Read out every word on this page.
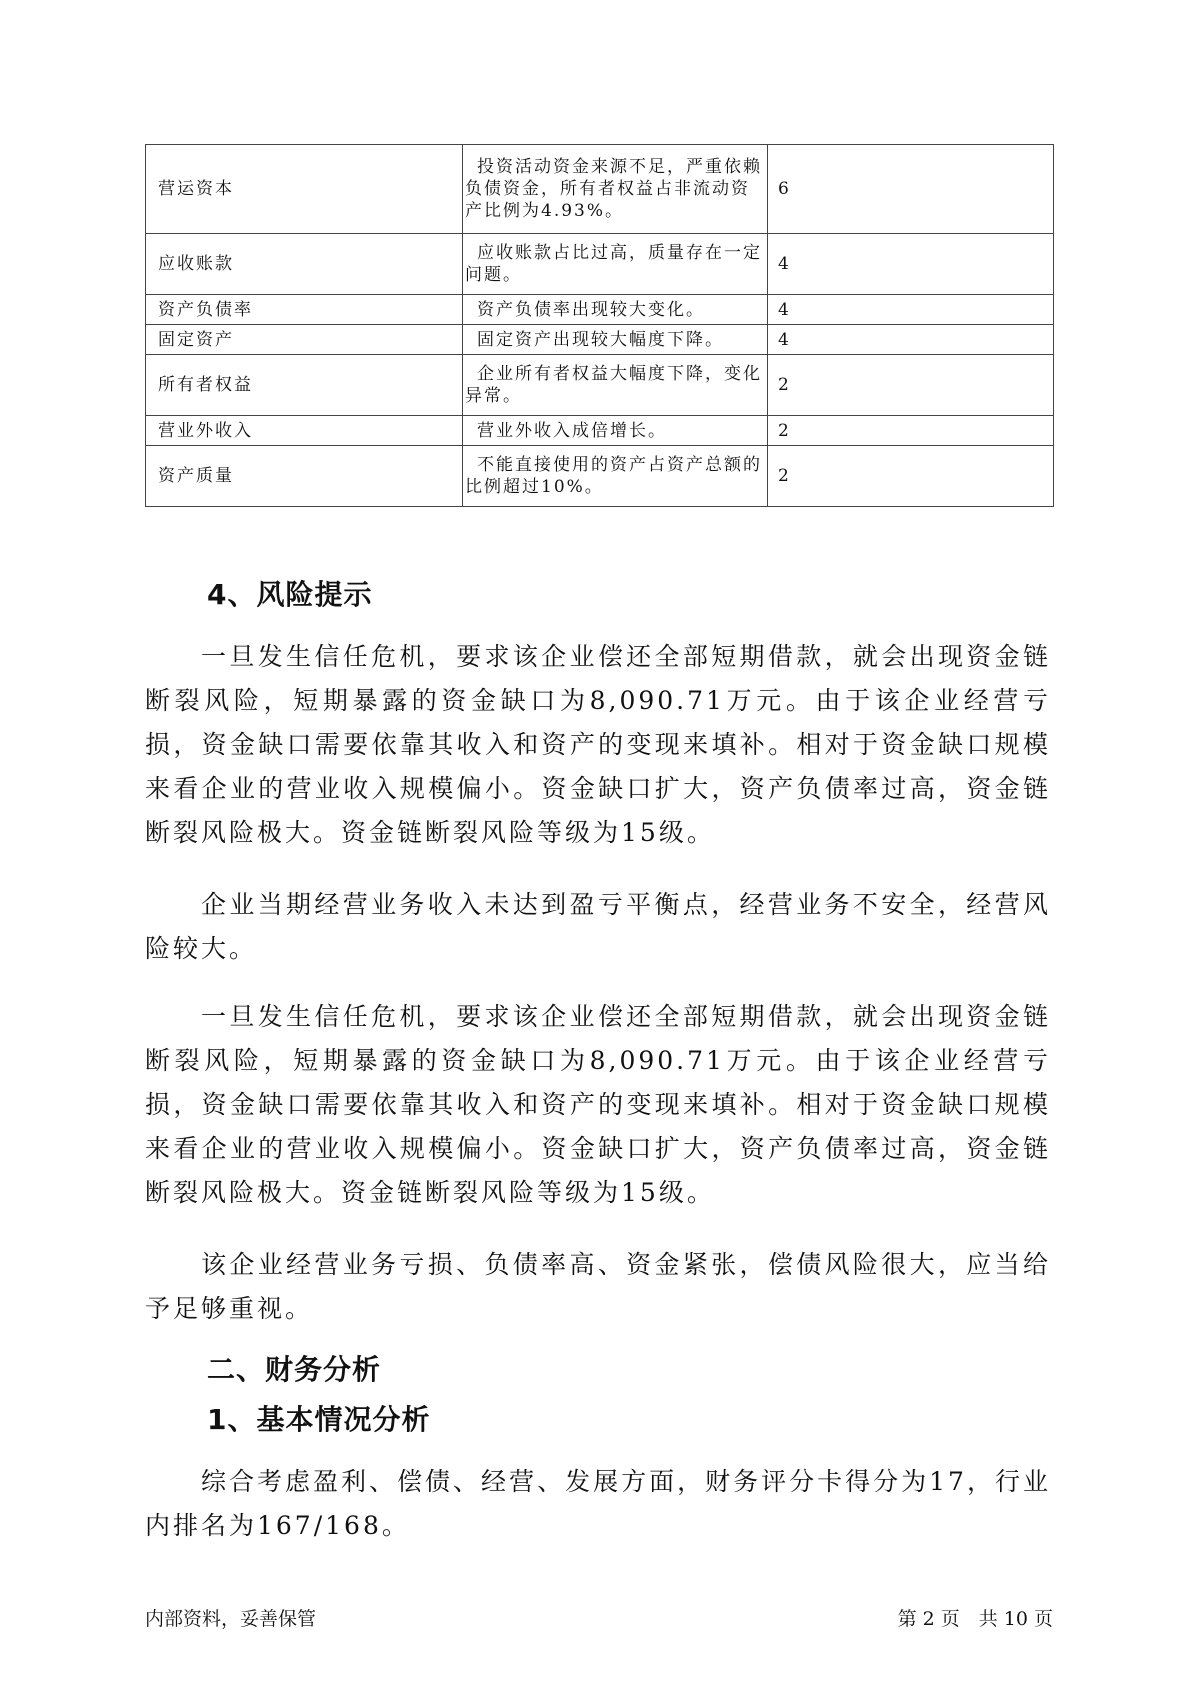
营运资本	投资活动资金来源不足，严重依赖负债资金，所有者权益占非流动资产比例为4.93%。	6
应收账款	应收账款占比过高，质量存在一定问题。	4
资产负债率	资产负债率出现较大变化。	4
固定资产	固定资产出现较大幅度下降。	4
所有者权益	企业所有者权益大幅度下降，变化异常。	2
营业外收入	营业外收入成倍增长。	2
资产质量	不能直接使用的资产占资产总额的比例超过10%。	2
4、风险提示

一旦发生信任危机，要求该企业偿还全部短期借款，就会出现资金链断裂风险，短期暴露的资金缺口为8,090.71万元。由于该企业经营亏损，资金缺口需要依靠其收入和资产的变现来填补。相对于资金缺口规模来看企业的营业收入规模偏小。资金缺口扩大，资产负债率过高，资金链断裂风险极大。资金链断裂风险等级为15级。

企业当期经营业务收入未达到盈亏平衡点，经营业务不安全，经营风险较大。

一旦发生信任危机，要求该企业偿还全部短期借款，就会出现资金链断裂风险，短期暴露的资金缺口为8,090.71万元。由于该企业经营亏损，资金缺口需要依靠其收入和资产的变现来填补。相对于资金缺口规模来看企业的营业收入规模偏小。资金缺口扩大，资产负债率过高，资金链断裂风险极大。资金链断裂风险等级为15级。

该企业经营业务亏损、负债率高、资金紧张，偿债风险很大，应当给予足够重视。

二、财务分析
1、基本情况分析

综合考虑盈利、偿债、经营、发展方面，财务评分卡得分为17，行业内排名为167/168。

内部资料，妥善保管	第 2 页　共 10 页
